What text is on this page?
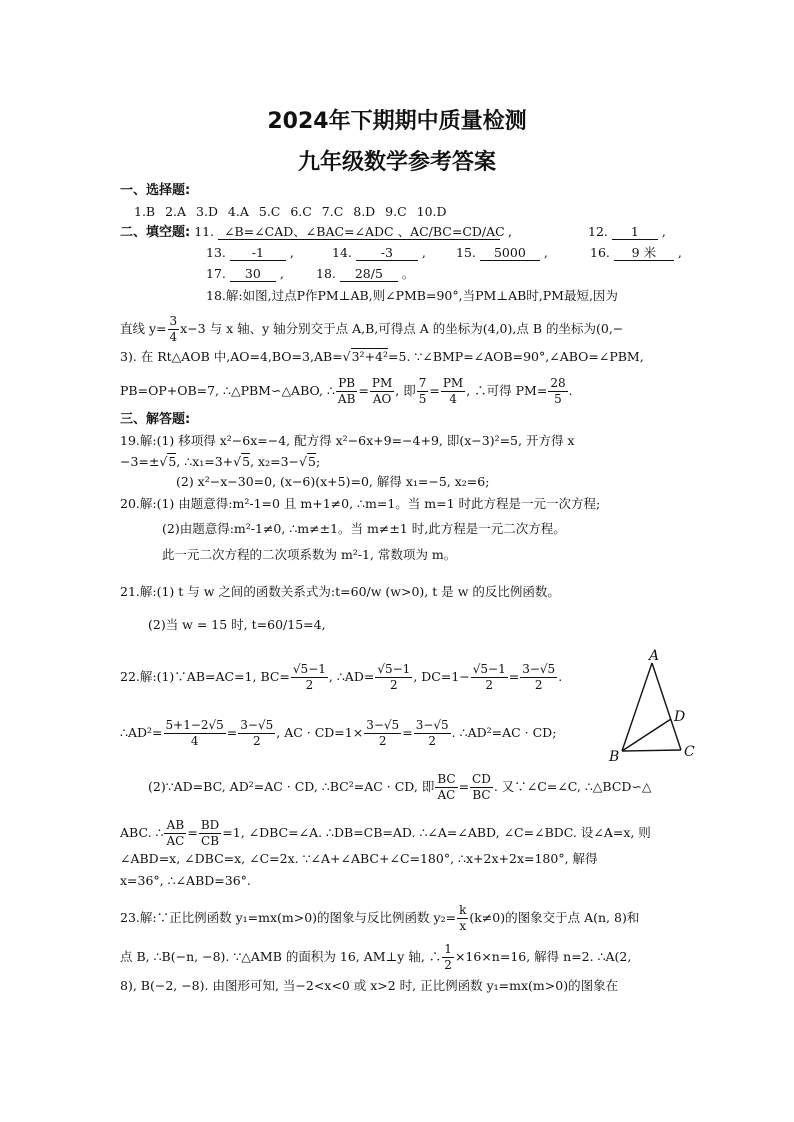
2024年下期期中质量检测
九年级数学参考答案
一、选择题:
1.B 2.A 3.D 4.A 5.C 6.C 7.C 8.D 9.C 10.D
二、填空题: 11. ∠B=∠CAD、∠BAC=∠ADC 、AC/BC=CD/AC ,	12. 1 ,
13. -1 ,	14. -3 , 15. 5000 ,	16. 9 米 ,
17. 30 ,	18. 28/5 。
18.解:如图,过点P作PM⊥AB,则∠PMB=90°,当PM⊥AB时,PM最短,因为
直线 $y= \frac{3}{4} x-3$ 与 x 轴、y 轴分别交于点 A,B,可得点 A 的坐标为(4,0),点 B 的坐标为(0,−
3). 在 Rt△AOB 中,AO=4,BO=3,AB=√3²+4²=5. ∵∠BMP=∠AOB=90°,∠ABO=∠PBM,
PB=OP+OB=7, ∴△PBM∽△ABO, ∴ $\frac{PB}{AB} = \frac{PM}{AO}$ , 即 $\frac{7}{5} = \frac{PM}{4}$ , ∴可得 $PM= \frac{28}{5}$ .
三、解答题:
19.解:(1) 移项得 x²−6x=−4, 配方得 x²−6x+9=−4+9, 即(x−3)²=5, 开方得 x
−3=±√5, ∴x₁=3+√5, x₂=3−√5;
(2) x²−x−30=0, (x−6)(x+5)=0, 解得 x₁=−5, x₂=6;
20.解:(1) 由题意得:m²-1=0 且 m+1≠0, ∴m=1。当 m=1 时此方程是一元一次方程;
(2)由题意得:m²-1≠0, ∴m≠±1。当 m≠±1 时,此方程是一元二次方程。
此一元二次方程的二次项系数为 m²-1, 常数项为 m。
21.解:(1) t 与 w 之间的函数关系式为:t=60/w (w>0), t 是 w 的反比例函数。
(2)当 w = 15 时, t=60/15=4,
22.解:(1)∵AB=AC=1, $BC= \frac{√5-1}{2}$ , ∴AD= $\frac{√5-1}{2}$ , $DC=1- \frac{√5-1}{2} = \frac{3-√5}{2}$ .
∴AD²= $\frac{5+1-2√5}{4} = \frac{3-√5}{2}$ , AC · $CD=1\times \frac{3-√5}{2} = \frac{3-√5}{2}$ . ∴AD²=AC · CD;
(2)∵AD=BC, AD²=AC · CD, ∴BC²=AC · CD, 即 $\frac{BC}{AC} = \frac{CD}{BC}$ . 又∵∠C=∠C, ∴△BCD∽△
ABC. ∴ $\frac{AB}{AC} = \frac{BD}{CB} =1$, ∠DBC=∠A. ∴DB=CB=AD. ∴∠A=∠ABD, ∠C=∠BDC. 设∠A=x, 则
∠ABD=x, ∠DBC=x, ∠C=2x. ∵∠A+∠ABC+∠C=180°, ∴x+2x+2x=180°, 解得
x=36°, ∴∠ABD=36°.
A
B	C
D
23.解:∵正比例函数 y₁=mx(m>0)的图象与反比例函数 $y_2= \frac{k}{x} (k\ne 0)$的图象交于点 A(n, 8)和
点 B, ∴B(−n, −8). ∵△AMB 的面积为 16, AM⊥y 轴, ∴ $\frac{1}{2} \times 16\times n=16$, 解得 n=2. ∴A(2,
8), B(−2, −8). 由图形可知, 当−2<x<0 或 x>2 时, 正比例函数 y₁=mx(m>0)的图象在
